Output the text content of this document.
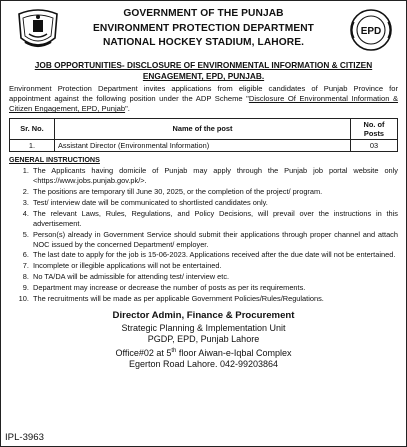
GOVERNMENT OF THE PUNJAB
ENVIRONMENT PROTECTION DEPARTMENT
NATIONAL HOCKEY STADIUM, LAHORE.
EPD
JOB OPPORTUNITIES- DISCLOSURE OF ENVIRONMENTAL INFORMATION & CITIZEN ENGAGEMENT, EPD, PUNJAB.
Environment Protection Department invites applications from eligible candidates of Punjab Province for appointment against the following position under the ADP Scheme "Disclosure Of Environmental Information & Citizen Engagement, EPD, Punjab".
Sr. No.	Name of the post	No. of Posts
1.	Assistant Director (Environmental Information)	03
GENERAL INSTRUCTIONS
1. The Applicants having domicile of Punjab may apply through the Punjab job portal website only <https://www.jobs.punjab.gov.pk/>.
2. The positions are temporary till June 30, 2025, or the completion of the project/ program.
3. Test/ interview date will be communicated to shortlisted candidates only.
4. The relevant Laws, Rules, Regulations, and Policy Decisions, will prevail over the instructions in this advertisement.
5. Person(s) already in Government Service should submit their applications through proper channel and attach NOC issued by the concerned Department/ employer.
6. The last date to apply for the job is 15-06-2023. Applications received after the due date will not be entertained.
7. Incomplete or illegible applications will not be entertained.
8. No TA/DA will be admissible for attending test/ interview etc.
9. Department may increase or decrease the number of posts as per its requirements.
10. The recruitments will be made as per applicable Government Policies/Rules/Regulations.
Director Admin, Finance & Procurement
Strategic Planning & Implementation Unit
PGDP, EPD, Punjab Lahore
Office#02 at 5th floor Aiwan-e-Iqbal Complex
Egerton Road Lahore. 042-99203864
IPL-3963
